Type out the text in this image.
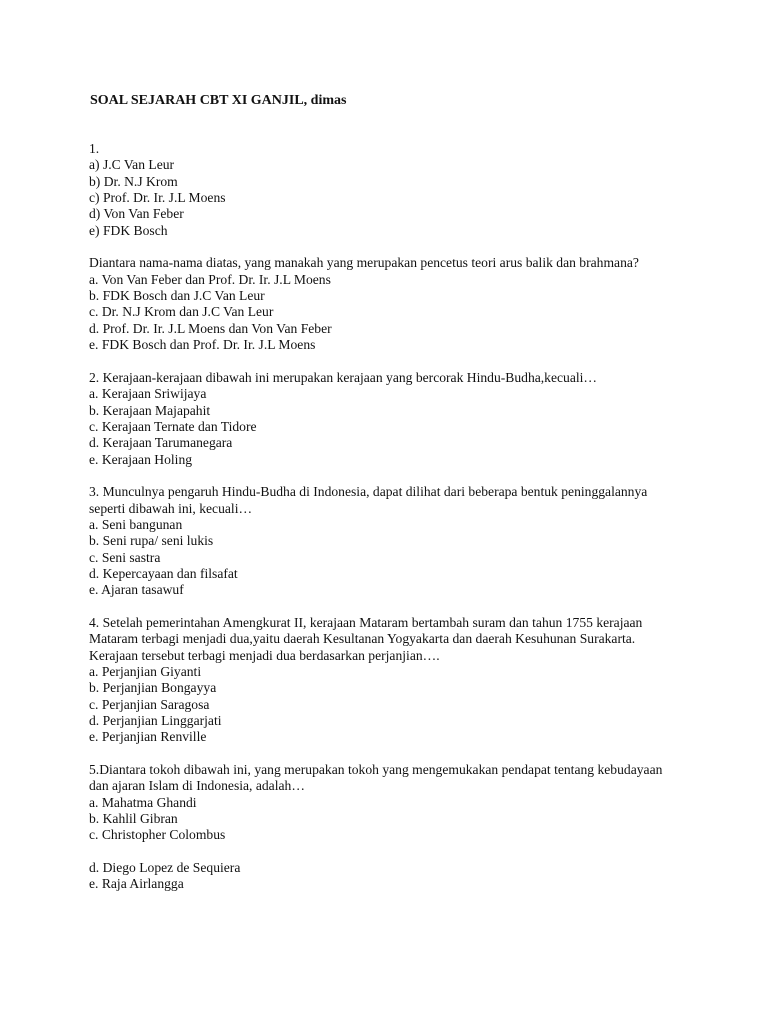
SOAL SEJARAH CBT XI GANJIL, dimas
1.
a) J.C Van Leur
b) Dr. N.J Krom
c) Prof. Dr. Ir. J.L Moens
d) Von Van Feber
e) FDK Bosch
Diantara nama-nama diatas, yang manakah yang merupakan pencetus teori arus balik dan brahmana?
a. Von Van Feber dan Prof. Dr. Ir. J.L Moens
b. FDK Bosch dan J.C Van Leur
c. Dr. N.J Krom dan J.C Van Leur
d. Prof. Dr. Ir. J.L Moens dan Von Van Feber
e. FDK Bosch dan Prof. Dr. Ir. J.L Moens
2. Kerajaan-kerajaan dibawah ini merupakan kerajaan yang bercorak Hindu-Budha,kecuali…
a. Kerajaan Sriwijaya
b. Kerajaan Majapahit
c. Kerajaan Ternate dan Tidore
d. Kerajaan Tarumanegara
e. Kerajaan Holing
3. Munculnya pengaruh Hindu-Budha di Indonesia, dapat dilihat dari beberapa bentuk peninggalannya
seperti dibawah ini, kecuali…
a. Seni bangunan
b. Seni rupa/ seni lukis
c. Seni sastra
d. Kepercayaan dan filsafat
e. Ajaran tasawuf
4. Setelah pemerintahan Amengkurat II, kerajaan Mataram bertambah suram dan tahun 1755 kerajaan
Mataram terbagi menjadi dua,yaitu daerah Kesultanan Yogyakarta dan daerah Kesuhunan Surakarta.
Kerajaan tersebut terbagi menjadi dua berdasarkan perjanjian….
a. Perjanjian Giyanti
b. Perjanjian Bongayya
c. Perjanjian Saragosa
d. Perjanjian Linggarjati
e. Perjanjian Renville
5.Diantara tokoh dibawah ini, yang merupakan tokoh yang mengemukakan pendapat tentang kebudayaan
dan ajaran Islam di Indonesia, adalah…
a. Mahatma Ghandi
b. Kahlil Gibran
c. Christopher Colombus
d. Diego Lopez de Sequiera
e. Raja Airlangga
